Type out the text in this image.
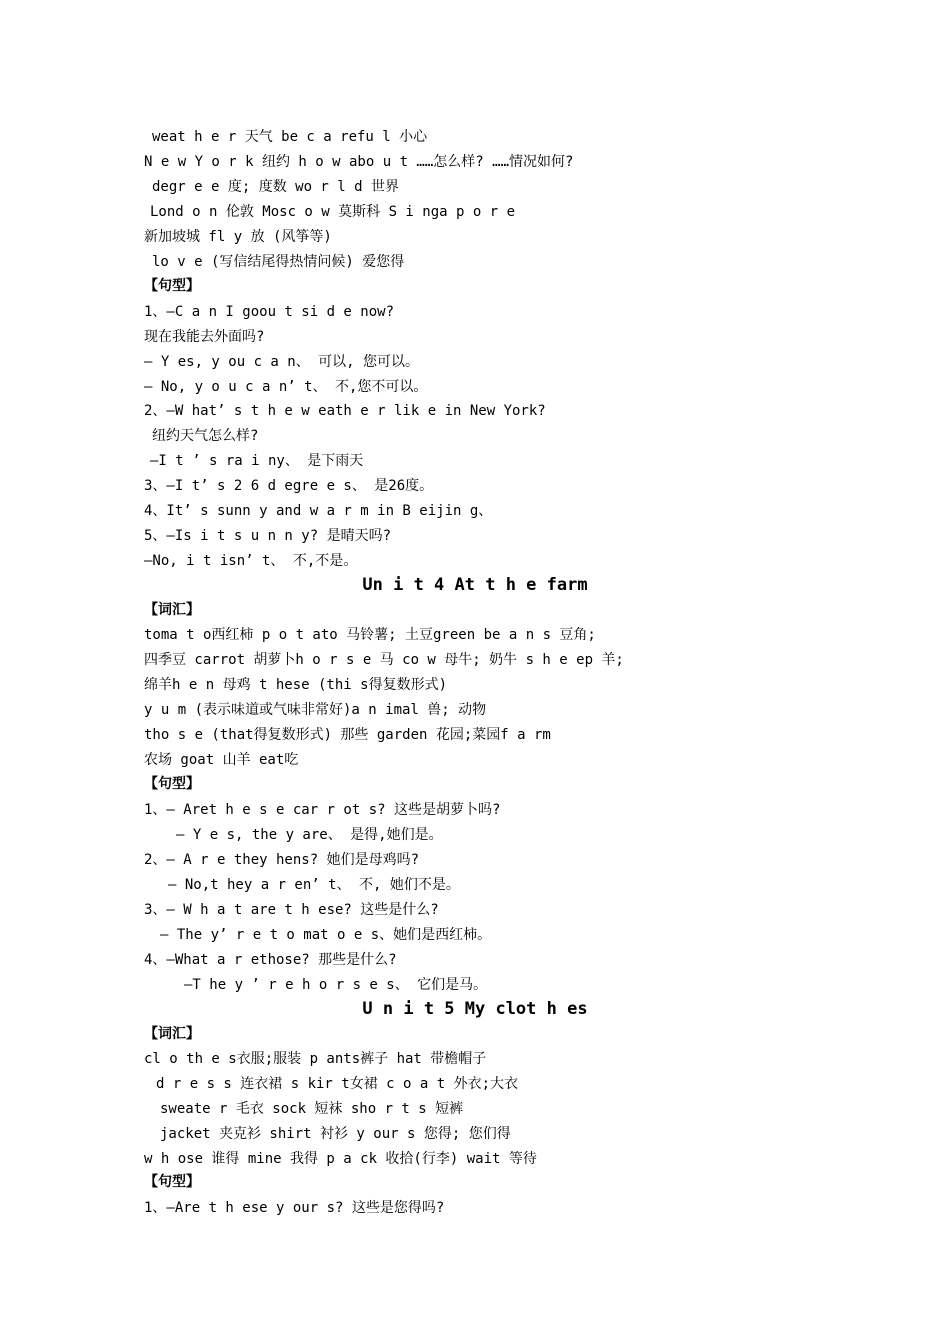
weat h e r 天气 be c a refu l 小心
N e w Y o r k 纽约 h o w abo u t ……怎么样? ……情况如何?
degr e e 度; 度数 wo r l d 世界
Lond o n 伦敦 Mosc o w 莫斯科 S i nga p o r e
新加坡城 fl y 放 (风筝等)
lo v e (写信结尾得热情问候) 爱您得
【句型】
1、—C a n I goou t si d e now?
现在我能去外面吗?
— Y es, y ou c a n、 可以, 您可以。
— No, y o u c a n’ t、 不,您不可以。
2、—W hat’ s t h e w eath e r lik e in New York?
纽约天气怎么样?
—I t ’ s ra i ny、 是下雨天
3、—I t’ s 2 6 d egre e s、 是26度。
4、It’ s sunn y and w a r m in B eijin g、
5、—Is i t s u n n y? 是晴天吗?
—No, i t isn’ t、 不,不是。
Un i t 4 At t h e farm
【词汇】
toma t o西红柿 p o t ato 马铃薯; 土豆green be a n s 豆角;
四季豆 carrot 胡萝卜h o r s e 马 co w 母牛; 奶牛 s h e ep 羊;
绵羊h e n 母鸡 t hese (thi s得复数形式)
y u m (表示味道或气味非常好)a n imal 兽; 动物
tho s e (that得复数形式) 那些 garden 花园;菜园f a rm
农场 goat 山羊 eat吃
【句型】
1、— Aret h e s e car r ot s? 这些是胡萝卜吗?
— Y e s, the y are、 是得,她们是。
2、— A r e they hens? 她们是母鸡吗?
— No,t hey a r en’ t、 不, 她们不是。
3、— W h a t are t h ese? 这些是什么?
— The y’ r e t o mat o e s、她们是西红柿。
4、—What a r ethose? 那些是什么?
—T he y ’ r e h o r s e s、 它们是马。
U n i t 5 My clot h es
【词汇】
cl o th e s衣服;服装 p ants裤子 hat 带檐帽子
d r e s s 连衣裙 s kir t女裙 c o a t 外衣;大衣
sweate r 毛衣 sock 短袜 sho r t s 短裤
jacket 夹克衫 shirt 衬衫 y our s 您得; 您们得
w h ose 谁得 mine 我得 p a ck 收拾(行李) wait 等待
【句型】
1、—Are t h ese y our s? 这些是您得吗?
